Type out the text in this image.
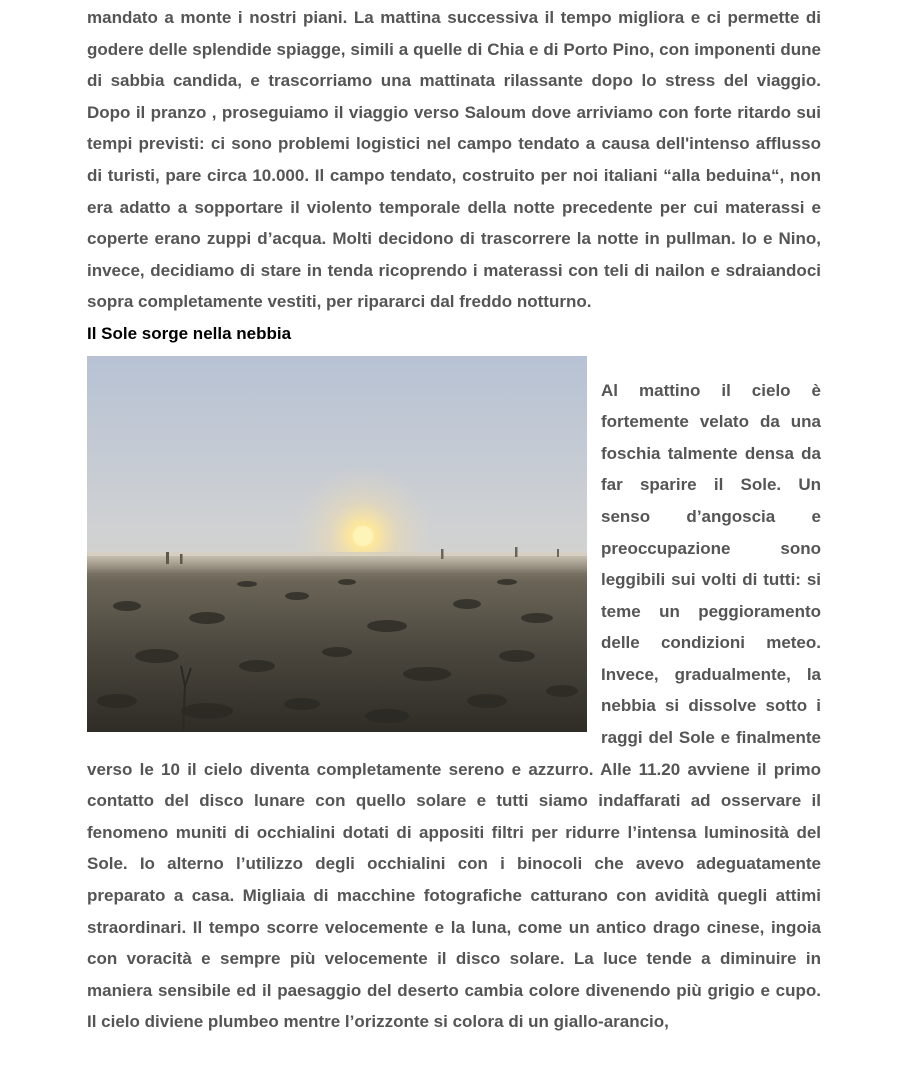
mandato a monte i nostri piani. La mattina successiva il tempo migliora e ci permette di godere delle splendide spiagge, simili a quelle di Chia e di Porto Pino, con imponenti dune di sabbia candida, e trascorriamo una mattinata rilassante dopo lo stress del viaggio. Dopo il pranzo , proseguiamo il viaggio verso Saloum dove arriviamo con forte ritardo sui tempi previsti: ci sono problemi logistici nel campo tendato a causa dell'intenso afflusso di turisti, pare circa 10.000. Il campo tendato, costruito per noi italiani “alla beduina“, non era adatto a sopportare il violento temporale della notte precedente per cui materassi e coperte erano zuppi d’acqua. Molti decidono di trascorrere la notte in pullman. Io e Nino, invece, decidiamo di stare in tenda ricoprendo i materassi con teli di nailon e sdraiandoci sopra completamente vestiti, per ripararci dal freddo notturno.

Il Sole sorge nella nebbia

Al mattino il cielo è fortemente velato da una foschia talmente densa da far sparire il Sole. Un senso d’angoscia e preoccupazione sono leggibili sui volti di tutti: si teme un peggioramento delle condizioni meteo. Invece, gradualmente, la nebbia si dissolve sotto i raggi del Sole e finalmente verso le 10 il cielo diventa completamente sereno e azzurro. Alle 11.20 avviene il primo contatto del disco lunare con quello solare e tutti siamo indaffarati ad osservare il fenomeno muniti di occhialini dotati di appositi filtri per ridurre l’intensa luminosità del Sole. Io alterno l’utilizzo degli occhialini con i binocoli che avevo adeguatamente preparato a casa. Migliaia di macchine fotografiche catturano con avidità quegli attimi straordinari. Il tempo scorre velocemente e la luna, come un antico drago cinese, ingoia con voracità e sempre più velocemente il disco solare. La luce tende a diminuire in maniera sensibile ed il paesaggio del deserto cambia colore divenendo più grigio e cupo. Il cielo diviene plumbeo mentre l’orizzonte si colora di un giallo-arancio,
